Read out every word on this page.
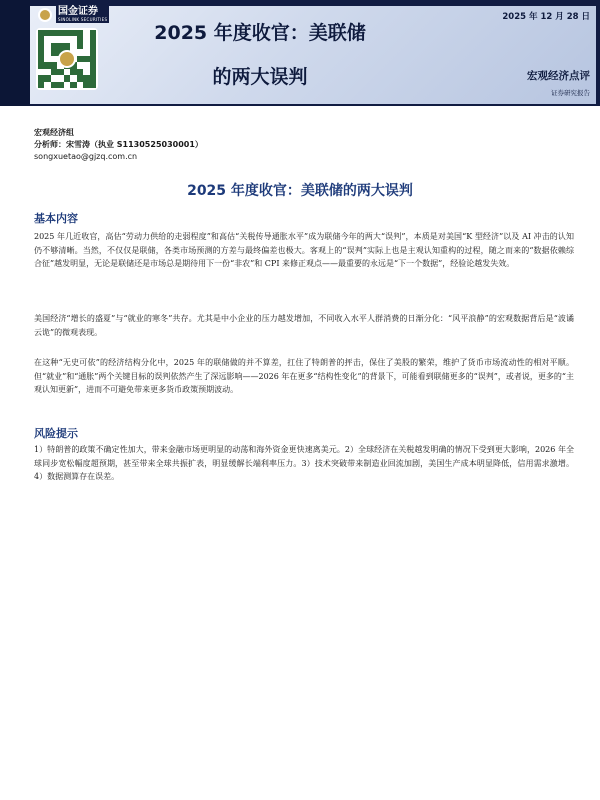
国金证券
SINOLINK SECURITIES
2025 年度收官：美联储
的两大误判
2025 年 12 月 28 日
宏观经济点评
证券研究报告
宏观经济组
分析师：宋雪涛（执业 S1130525030001）
songxuetao@gjzq.com.cn
2025 年度收官：美联储的两大误判
基本内容
2025 年几近收官，高估“劳动力供给的走弱程度”和高估“关税传导通胀水平”成为联储今年的两大“误判”，本质是对美国“K 型经济”以及 AI 冲击的认知仍不够清晰。当然，不仅仅是联储，各类市场预测的方差与最终偏差也极大。客观上的“误判”实际上也是主观认知重构的过程，随之而来的“数据依赖综合征”越发明显，无论是联储还是市场总是期待用下一份“非农”和 CPI 来修正观点——最重要的永远是“下一个数据”，经验论越发失效。
美国经济“增长的盛夏”与“就业的寒冬”共存。尤其是中小企业的压力越发增加，不同收入水平人群消费的日渐分化：“风平浪静”的宏观数据背后是“波谲云诡”的微观表现。
在这种“无史可依”的经济结构分化中，2025 年的联储做的并不算差，扛住了特朗普的抨击，保住了美股的繁荣，维护了货币市场流动性的相对平顺。但“就业”和“通胀”两个关键目标的误判依然产生了深远影响——2026 年在更多“结构性变化”的背景下，可能看到联储更多的“误判”，或者说，更多的“主观认知更新”，进而不可避免带来更多货币政策预期波动。
风险提示
1）特朗普的政策不确定性加大，带来金融市场更明显的动荡和海外资金更快速离美元。2）全球经济在关税越发明确的情况下受到更大影响，2026 年全球同步宽松幅度超预期，甚至带来全球共振扩表，明显缓解长端利率压力。3）技术突破带来制造业回流加剧，美国生产成本明显降低，信用需求激增。4）数据测算存在误差。
